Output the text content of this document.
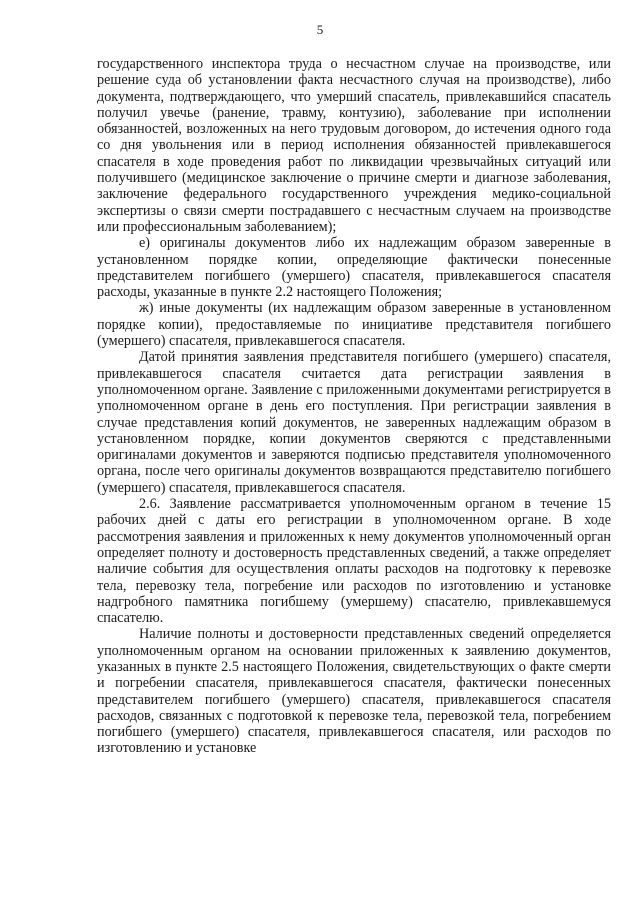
5

государственного инспектора труда о несчастном случае на производстве, или решение суда об установлении факта несчастного случая на производстве), либо документа, подтверждающего, что умерший спасатель, привлекавшийся спасатель получил увечье (ранение, травму, контузию), заболевание при исполнении обязанностей, возложенных на него трудовым договором, до истечения одного года со дня увольнения или в период исполнения обязанностей привлекавшегося спасателя в ходе проведения работ по ликвидации чрезвычайных ситуаций или получившего (медицинское заключение о причине смерти и диагнозе заболевания, заключение федерального государственного учреждения медико-социальной экспертизы о связи смерти пострадавшего с несчастным случаем на производстве или профессиональным заболеванием);

е) оригиналы документов либо их надлежащим образом заверенные в установленном порядке копии, определяющие фактически понесенные представителем погибшего (умершего) спасателя, привлекавшегося спасателя расходы, указанные в пункте 2.2 настоящего Положения;

ж) иные документы (их надлежащим образом заверенные в установленном порядке копии), предоставляемые по инициативе представителя погибшего (умершего) спасателя, привлекавшегося спасателя.

Датой принятия заявления представителя погибшего (умершего) спасателя, привлекавшегося спасателя считается дата регистрации заявления в уполномоченном органе. Заявление с приложенными документами регистрируется в уполномоченном органе в день его поступления. При регистрации заявления в случае представления копий документов, не заверенных надлежащим образом в установленном порядке, копии документов сверяются с представленными оригиналами документов и заверяются подписью представителя уполномоченного органа, после чего оригиналы документов возвращаются представителю погибшего (умершего) спасателя, привлекавшегося спасателя.

2.6. Заявление рассматривается уполномоченным органом в течение 15 рабочих дней с даты его регистрации в уполномоченном органе. В ходе рассмотрения заявления и приложенных к нему документов уполномоченный орган определяет полноту и достоверность представленных сведений, а также определяет наличие события для осуществления оплаты расходов на подготовку к перевозке тела, перевозку тела, погребение или расходов по изготовлению и установке надгробного памятника погибшему (умершему) спасателю, привлекавшемуся спасателю.

Наличие полноты и достоверности представленных сведений определяется уполномоченным органом на основании приложенных к заявлению документов, указанных в пункте 2.5 настоящего Положения, свидетельствующих о факте смерти и погребении спасателя, привлекавшегося спасателя, фактически понесенных представителем погибшего (умершего) спасателя, привлекавшегося спасателя расходов, связанных с подготовкой к перевозке тела, перевозкой тела, погребением погибшего (умершего) спасателя, привлекавшегося спасателя, или расходов по изготовлению и установке
